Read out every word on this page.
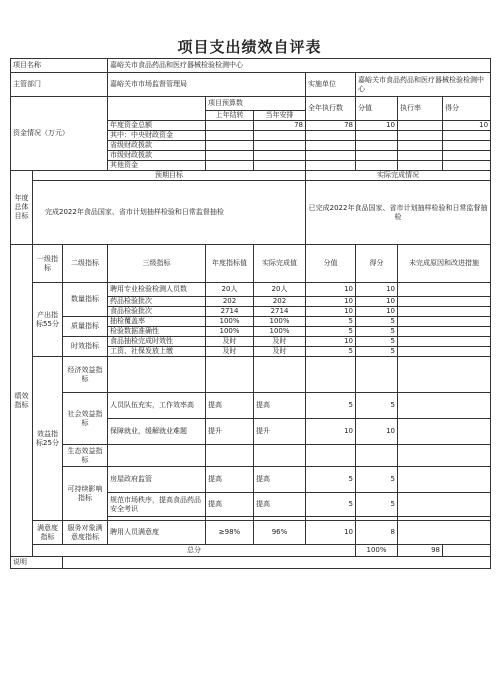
项目支出绩效自评表
项目名称			嘉峪关市食品药品和医疗器械检验检测中心						
主管部门			嘉峪关市市场监督管理局			实施单位	嘉峪关市食品药品和医疗器械检验检测中心		
资金情况（万元）				项目预算数		全年执行数	分值	执行率	得分
				上年结转	当年安排				
			年度资金总额		78	78	10		10
			其中：中央财政资金						
			省级财政拨款						
			市级财政拨款						
			其他资金						
年度总体目标	预期目标					实际完成情况			
	完成2022年食品国家、省市计划抽样检验和日常监督抽检					已完成2022年食品国家、省市计划抽样检验和日常监督抽检			
绩效指标	一级指标	二级指标	三级指标	年度指标值	实际完成值	分值	得分	未完成原因和改进措施	
	产出指标55分	数量指标	聘用专业检验检测人员数	20人	20人	10	10		
			药品检验批次	202	202	10	10		
			食品检验批次	2714	2714	10	10		
		质量指标	抽检覆盖率	100%	100%	5	5		
			检验数据准确性	100%	100%	5	5		
		时效指标	食品抽检完成时效性	及时	及时	10	5		
			工资、社保发放上缴	及时	及时	5	5		
	效益指标25分	经济效益指标							
		社会效益指标	人员队伍充实，工作效率高	提高	提高	5	5		
			保障就业，缓解就业难题	提升	提升	10	10		
		生态效益指标							
		可持续影响指标	房屋政府监管	提高	提高	5	5		
			规范市场秩序，提高食品药品安全考识	提高	提高	5	5		

	满意度指标	服务对象满意度指标	聘用人员满意度	≥98%	96%	10	8		
	总分						100%	98	
说明									
